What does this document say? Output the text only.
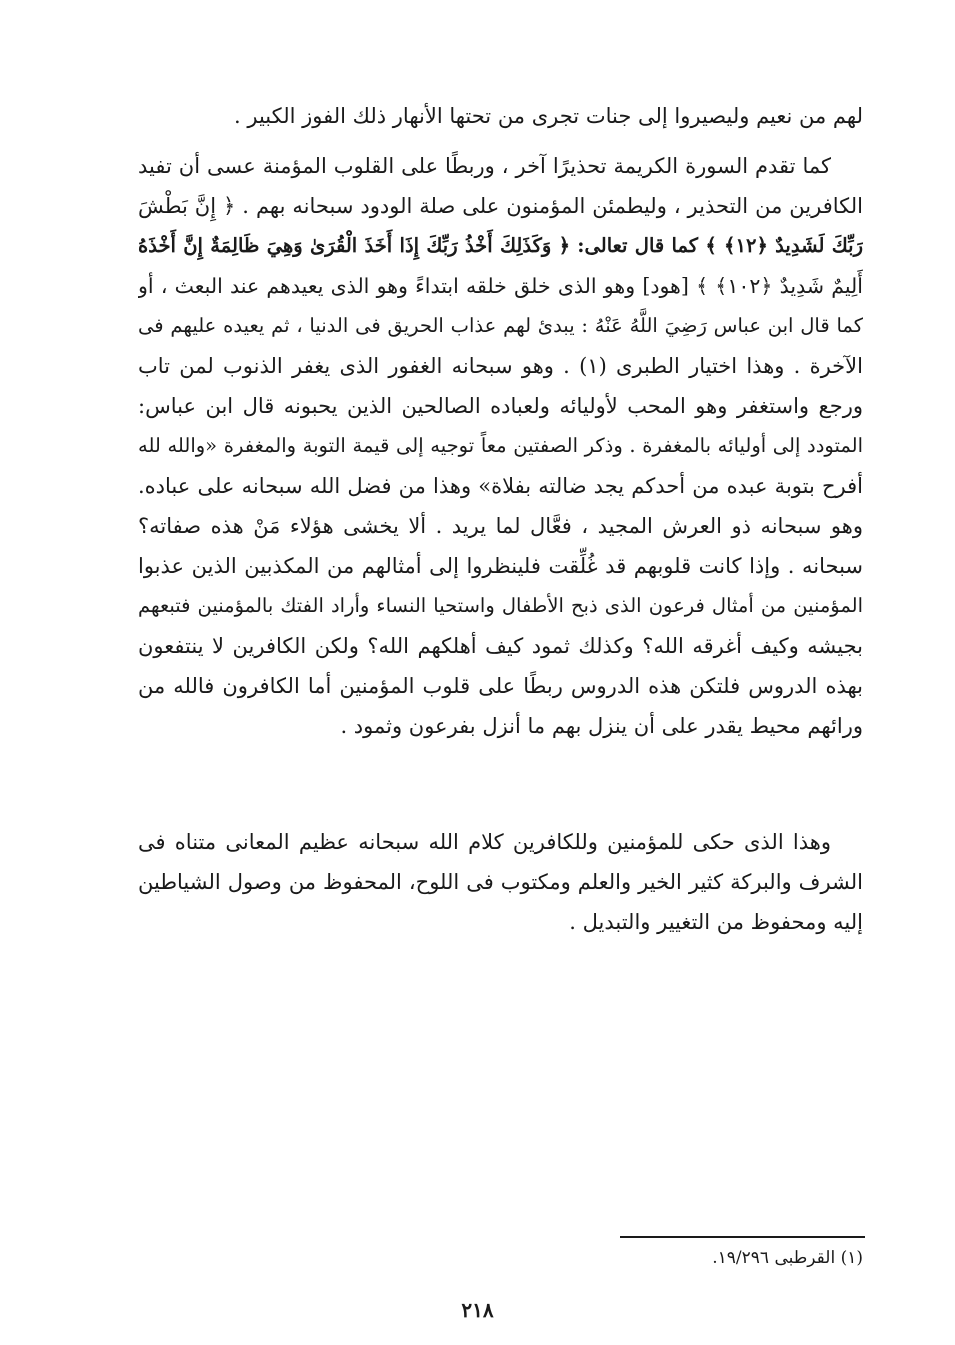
لهم من نعيم وليصيروا إلى جنات تجرى من تحتها الأنهار ذلك الفوز الكبير .
كما تقدم السورة الكريمة تحذيرًا آخر ، وربطًا على القلوب المؤمنة عسى أن تفيد
الكافرين من التحذير ، وليطمئن المؤمنون على صلة الودود سبحانه بهم . ﴿ إِنَّ بَطْشَ
رَبِّكَ لَشَدِيدٌ ﴿١٢﴾ ﴾ كما قال تعالى: ﴿ وَكَذَلِكَ أَخْذُ رَبِّكَ إِذَا أَخَذَ الْقُرَىٰ وَهِيَ ظَالِمَةٌ إِنَّ أَخْذَهُ
أَلِيمٌ شَدِيدٌ ﴿١٠٢﴾ ﴾ [هود] وهو الذى خلق خلقه ابتداءً وهو الذى يعيدهم عند البعث ، أو
كما قال ابن عباس رَضِيَ اللَّهُ عَنْهُ : يبدئ لهم عذاب الحريق فى الدنيا ، ثم يعيده عليهم فى
الآخرة . وهذا اختيار الطبرى (١) . وهو سبحانه الغفور الذى يغفر الذنوب لمن تاب
ورجع واستغفر وهو المحب لأوليائه ولعباده الصالحين الذين يحبونه قال ابن عباس:
المتودد إلى أوليائه بالمغفرة . وذكر الصفتين معاً توجيه إلى قيمة التوبة والمغفرة «والله لله
أفرح بتوبة عبده من أحدكم يجد ضالته بفلاة» وهذا من فضل الله سبحانه على عباده.
وهو سبحانه ذو العرش المجيد ، فعَّال لما يريد . ألا يخشى هؤلاء مَنْ هذه صفاته؟
سبحانه . وإذا كانت قلوبهم قد غُلِّقت فلينظروا إلى أمثالهم من المكذبين الذين عذبوا
المؤمنين من أمثال فرعون الذى ذبح الأطفال واستحيا النساء وأراد الفتك بالمؤمنين فتبعهم
بجيشه وكيف أغرقه الله؟ وكذلك ثمود كيف أهلكهم الله؟ ولكن الكافرين لا ينتفعون
بهذه الدروس فلتكن هذه الدروس ربطًا على قلوب المؤمنين أما الكافرون فالله من
ورائهم محيط يقدر على أن ينزل بهم ما أنزل بفرعون وثمود .
وهذا الذى حكى للمؤمنين وللكافرين كلام الله سبحانه عظيم المعانى متناه فى
الشرف والبركة كثير الخير والعلم ومكتوب فى اللوح، المحفوظ من وصول الشياطين
إليه ومحفوظ من التغيير والتبديل .
(١) القرطبى ١٩/٢٩٦.
٢١٨
